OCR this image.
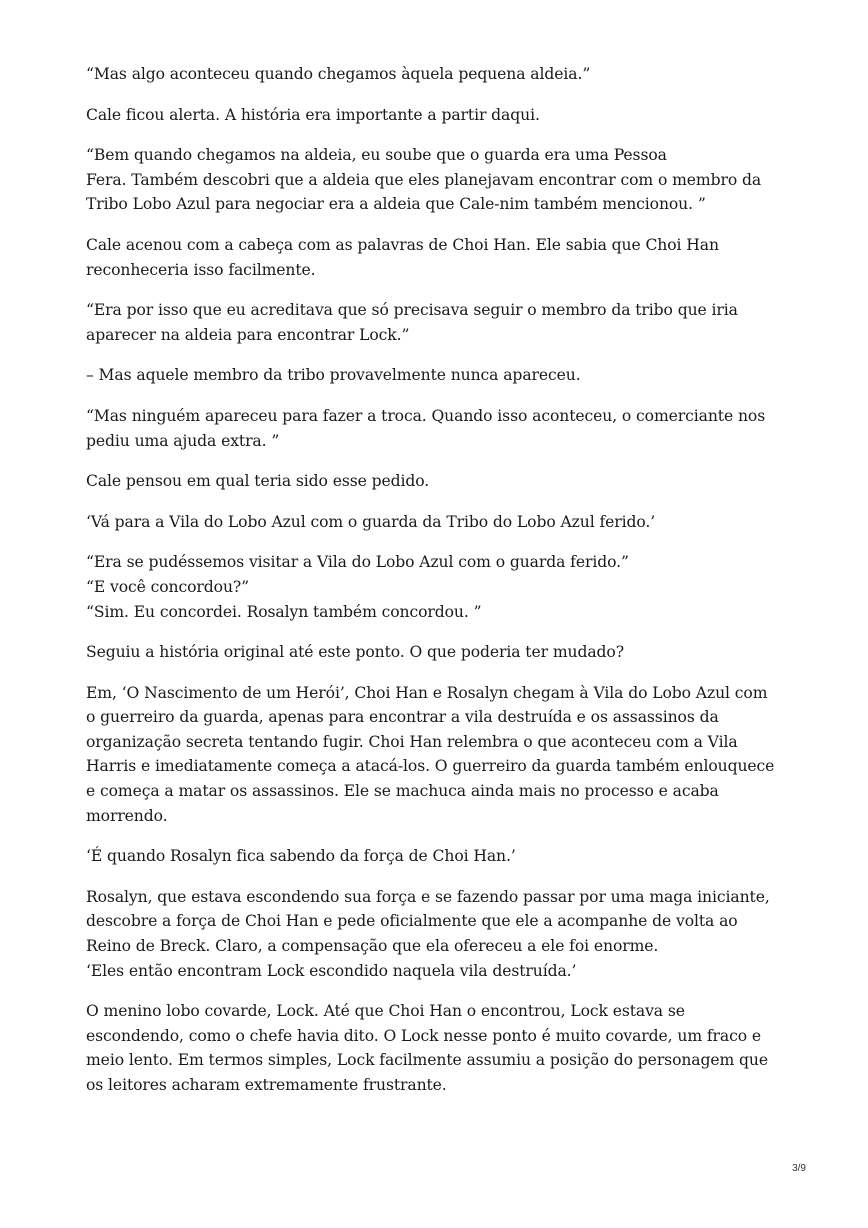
“Mas algo aconteceu quando chegamos àquela pequena aldeia.”

Cale ficou alerta. A história era importante a partir daqui.

“Bem quando chegamos na aldeia, eu soube que o guarda era uma Pessoa
Fera. Também descobri que a aldeia que eles planejavam encontrar com o membro da
Tribo Lobo Azul para negociar era a aldeia que Cale-nim também mencionou. ”

Cale acenou com a cabeça com as palavras de Choi Han. Ele sabia que Choi Han
reconheceria isso facilmente.

“Era por isso que eu acreditava que só precisava seguir o membro da tribo que iria
aparecer na aldeia para encontrar Lock.”

– Mas aquele membro da tribo provavelmente nunca apareceu.

“Mas ninguém apareceu para fazer a troca. Quando isso aconteceu, o comerciante nos
pediu uma ajuda extra. ”

Cale pensou em qual teria sido esse pedido.

‘Vá para a Vila do Lobo Azul com o guarda da Tribo do Lobo Azul ferido.’

“Era se pudéssemos visitar a Vila do Lobo Azul com o guarda ferido.”
“E você concordou?”
“Sim. Eu concordei. Rosalyn também concordou. ”

Seguiu a história original até este ponto. O que poderia ter mudado?

Em, ‘O Nascimento de um Herói’, Choi Han e Rosalyn chegam à Vila do Lobo Azul com
o guerreiro da guarda, apenas para encontrar a vila destruída e os assassinos da
organização secreta tentando fugir. Choi Han relembra o que aconteceu com a Vila
Harris e imediatamente começa a atacá-los. O guerreiro da guarda também enlouquece
e começa a matar os assassinos. Ele se machuca ainda mais no processo e acaba
morrendo.

‘É quando Rosalyn fica sabendo da força de Choi Han.’

Rosalyn, que estava escondendo sua força e se fazendo passar por uma maga iniciante,
descobre a força de Choi Han e pede oficialmente que ele a acompanhe de volta ao
Reino de Breck. Claro, a compensação que ela ofereceu a ele foi enorme.
‘Eles então encontram Lock escondido naquela vila destruída.’

O menino lobo covarde, Lock. Até que Choi Han o encontrou, Lock estava se
escondendo, como o chefe havia dito. O Lock nesse ponto é muito covarde, um fraco e
meio lento. Em termos simples, Lock facilmente assumiu a posição do personagem que
os leitores acharam extremamente frustrante.

3/9
